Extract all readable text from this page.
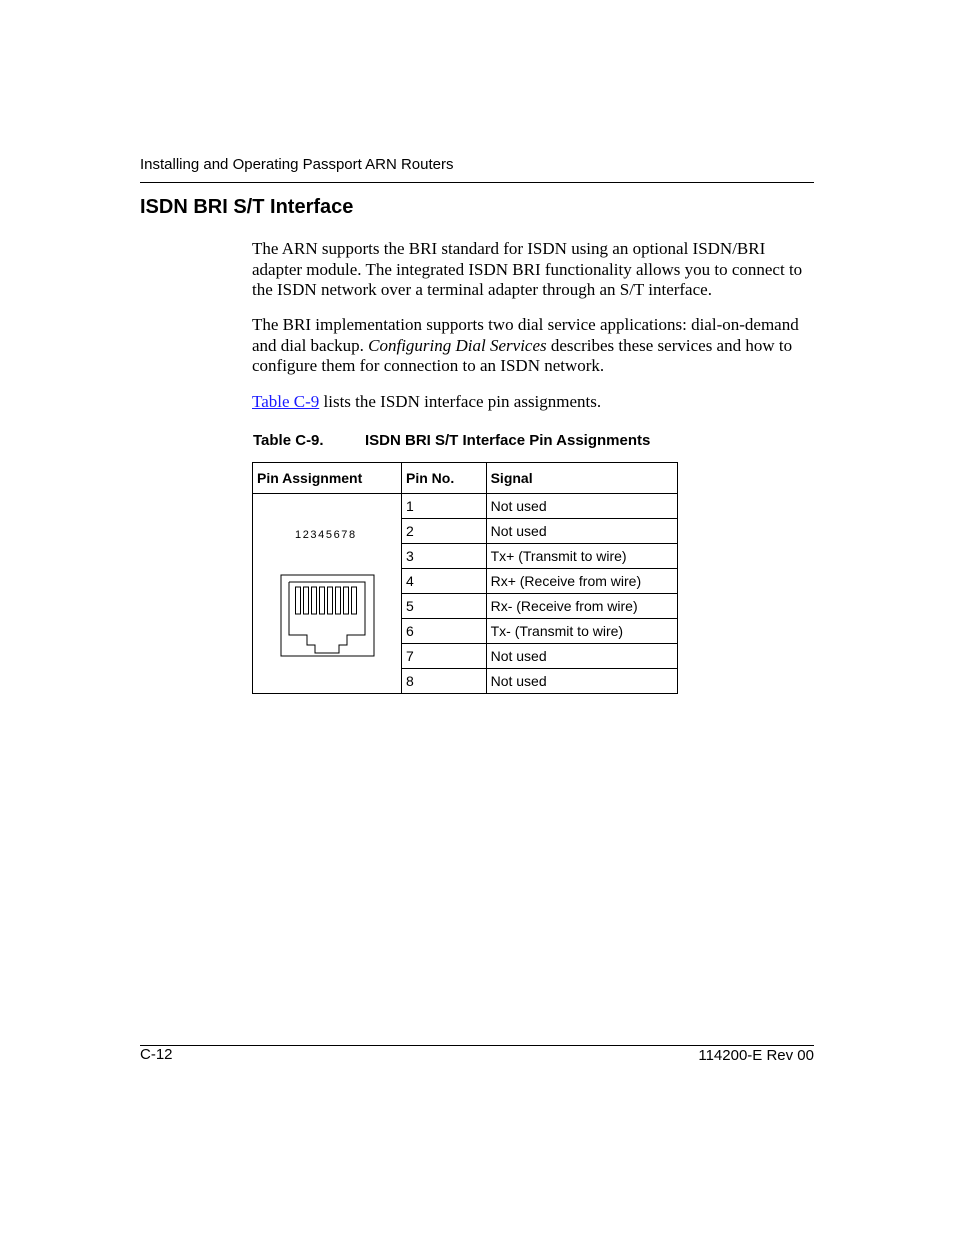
Installing and Operating Passport ARN Routers
ISDN BRI S/T Interface

The ARN supports the BRI standard for ISDN using an optional ISDN/BRI adapter module. The integrated ISDN BRI functionality allows you to connect to the ISDN network over a terminal adapter through an S/T interface.

The BRI implementation supports two dial service applications: dial-on-demand and dial backup. Configuring Dial Services describes these services and how to configure them for connection to an ISDN network.

Table C-9 lists the ISDN interface pin assignments.

Table C-9.	ISDN BRI S/T Interface Pin Assignments
Pin Assignment	Pin No.	Signal

12345678	1	Not used
	2	Not used
	3	Tx+ (Transmit to wire)
	4	Rx+ (Receive from wire)
	5	Rx- (Receive from wire)
	6	Tx- (Transmit to wire)
	7	Not used
	8	Not used
C-12	114200-E Rev 00
